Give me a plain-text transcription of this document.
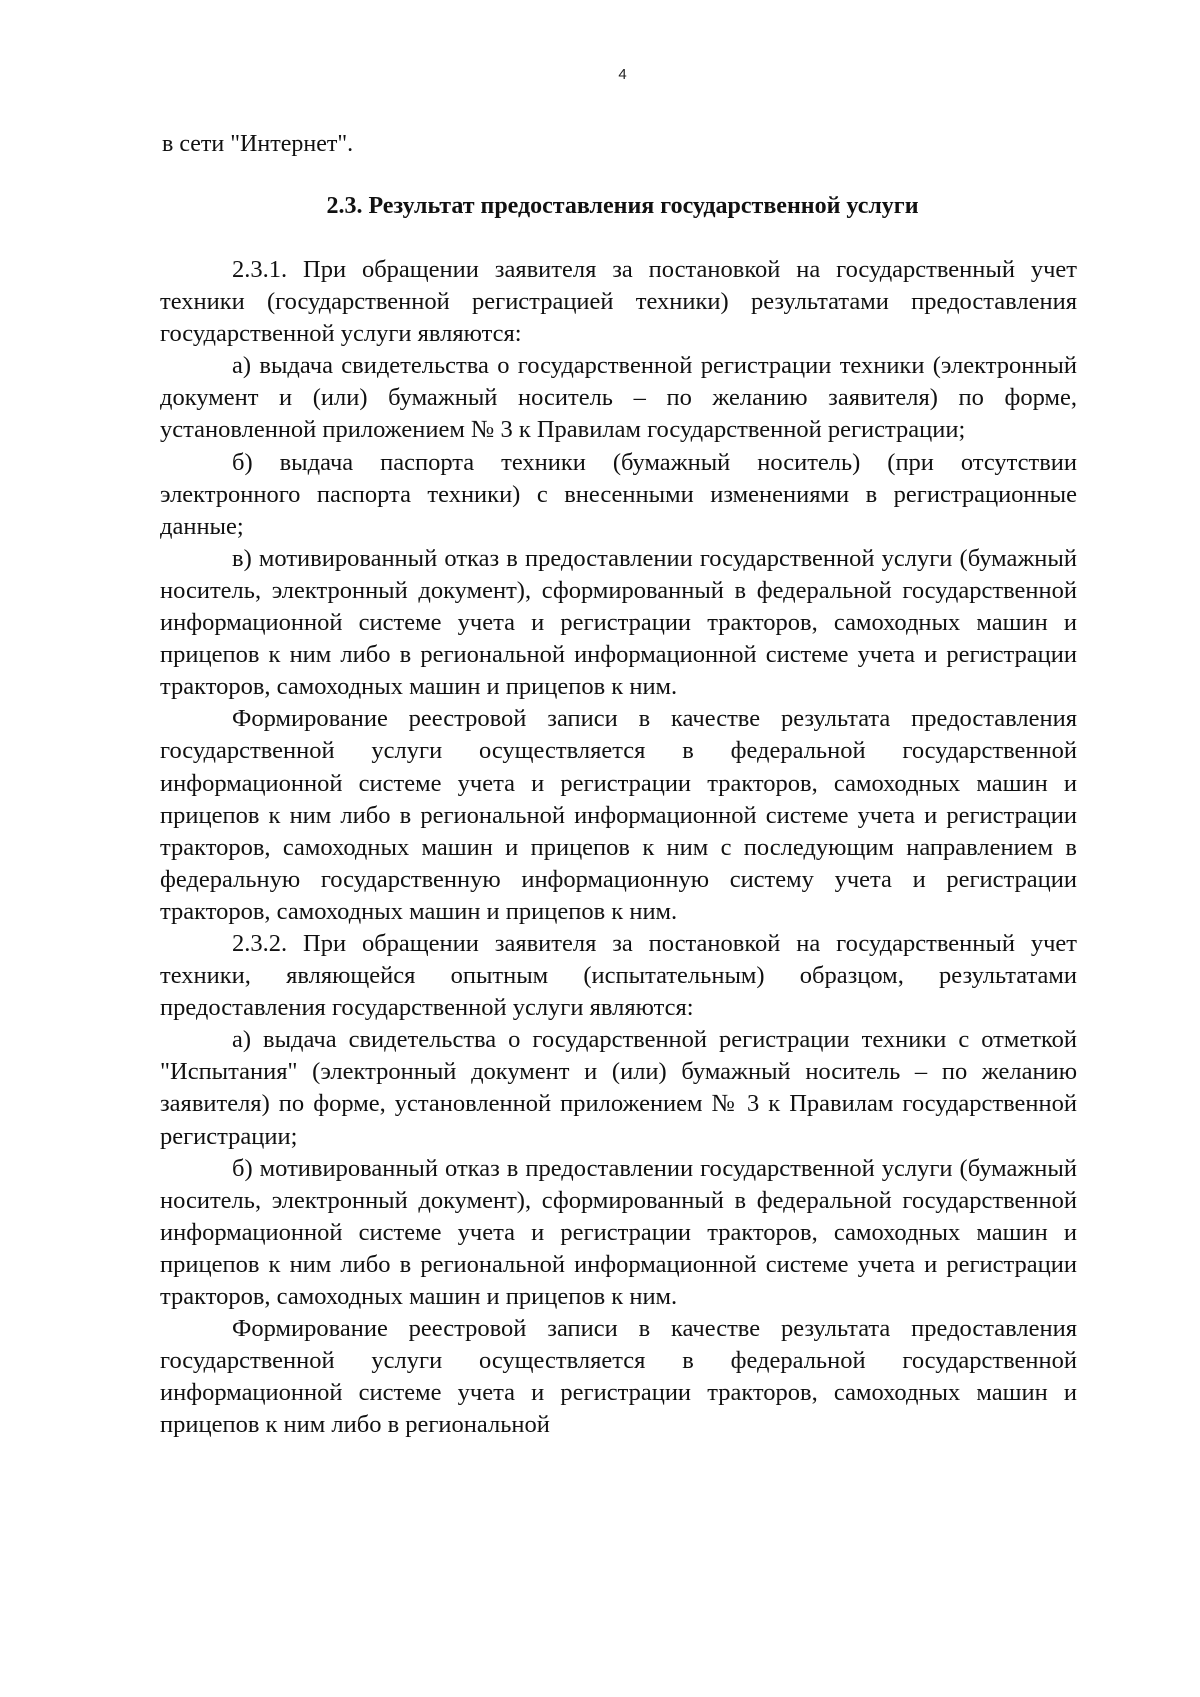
4
в сети "Интернет".
2.3. Результат предоставления государственной услуги

2.3.1. При обращении заявителя за постановкой на государственный учет техники (государственной регистрацией техники) результатами предоставления государственной услуги являются:

а) выдача свидетельства о государственной регистрации техники (электронный документ и (или) бумажный носитель – по желанию заявителя) по форме, установленной приложением № 3 к Правилам государственной регистрации;

б) выдача паспорта техники (бумажный носитель) (при отсутствии электронного паспорта техники) с внесенными изменениями в регистрационные данные;

в) мотивированный отказ в предоставлении государственной услуги (бумажный носитель, электронный документ), сформированный в федеральной государственной информационной системе учета и регистрации тракторов, самоходных машин и прицепов к ним либо в региональной информационной системе учета и регистрации тракторов, самоходных машин и прицепов к ним.

Формирование реестровой записи в качестве результата предоставления государственной услуги осуществляется в федеральной государственной информационной системе учета и регистрации тракторов, самоходных машин и прицепов к ним либо в региональной информационной системе учета и регистрации тракторов, самоходных машин и прицепов к ним с последующим направлением в федеральную государственную информационную систему учета и регистрации тракторов, самоходных машин и прицепов к ним.

2.3.2. При обращении заявителя за постановкой на государственный учет техники, являющейся опытным (испытательным) образцом, результатами предоставления государственной услуги являются:

а) выдача свидетельства о государственной регистрации техники с отметкой "Испытания" (электронный документ и (или) бумажный носитель – по желанию заявителя) по форме, установленной приложением № 3 к Правилам государственной регистрации;

б) мотивированный отказ в предоставлении государственной услуги (бумажный носитель, электронный документ), сформированный в федеральной государственной информационной системе учета и регистрации тракторов, самоходных машин и прицепов к ним либо в региональной информационной системе учета и регистрации тракторов, самоходных машин и прицепов к ним.

Формирование реестровой записи в качестве результата предоставления государственной услуги осуществляется в федеральной государственной информационной системе учета и регистрации тракторов, самоходных машин и прицепов к ним либо в региональной
